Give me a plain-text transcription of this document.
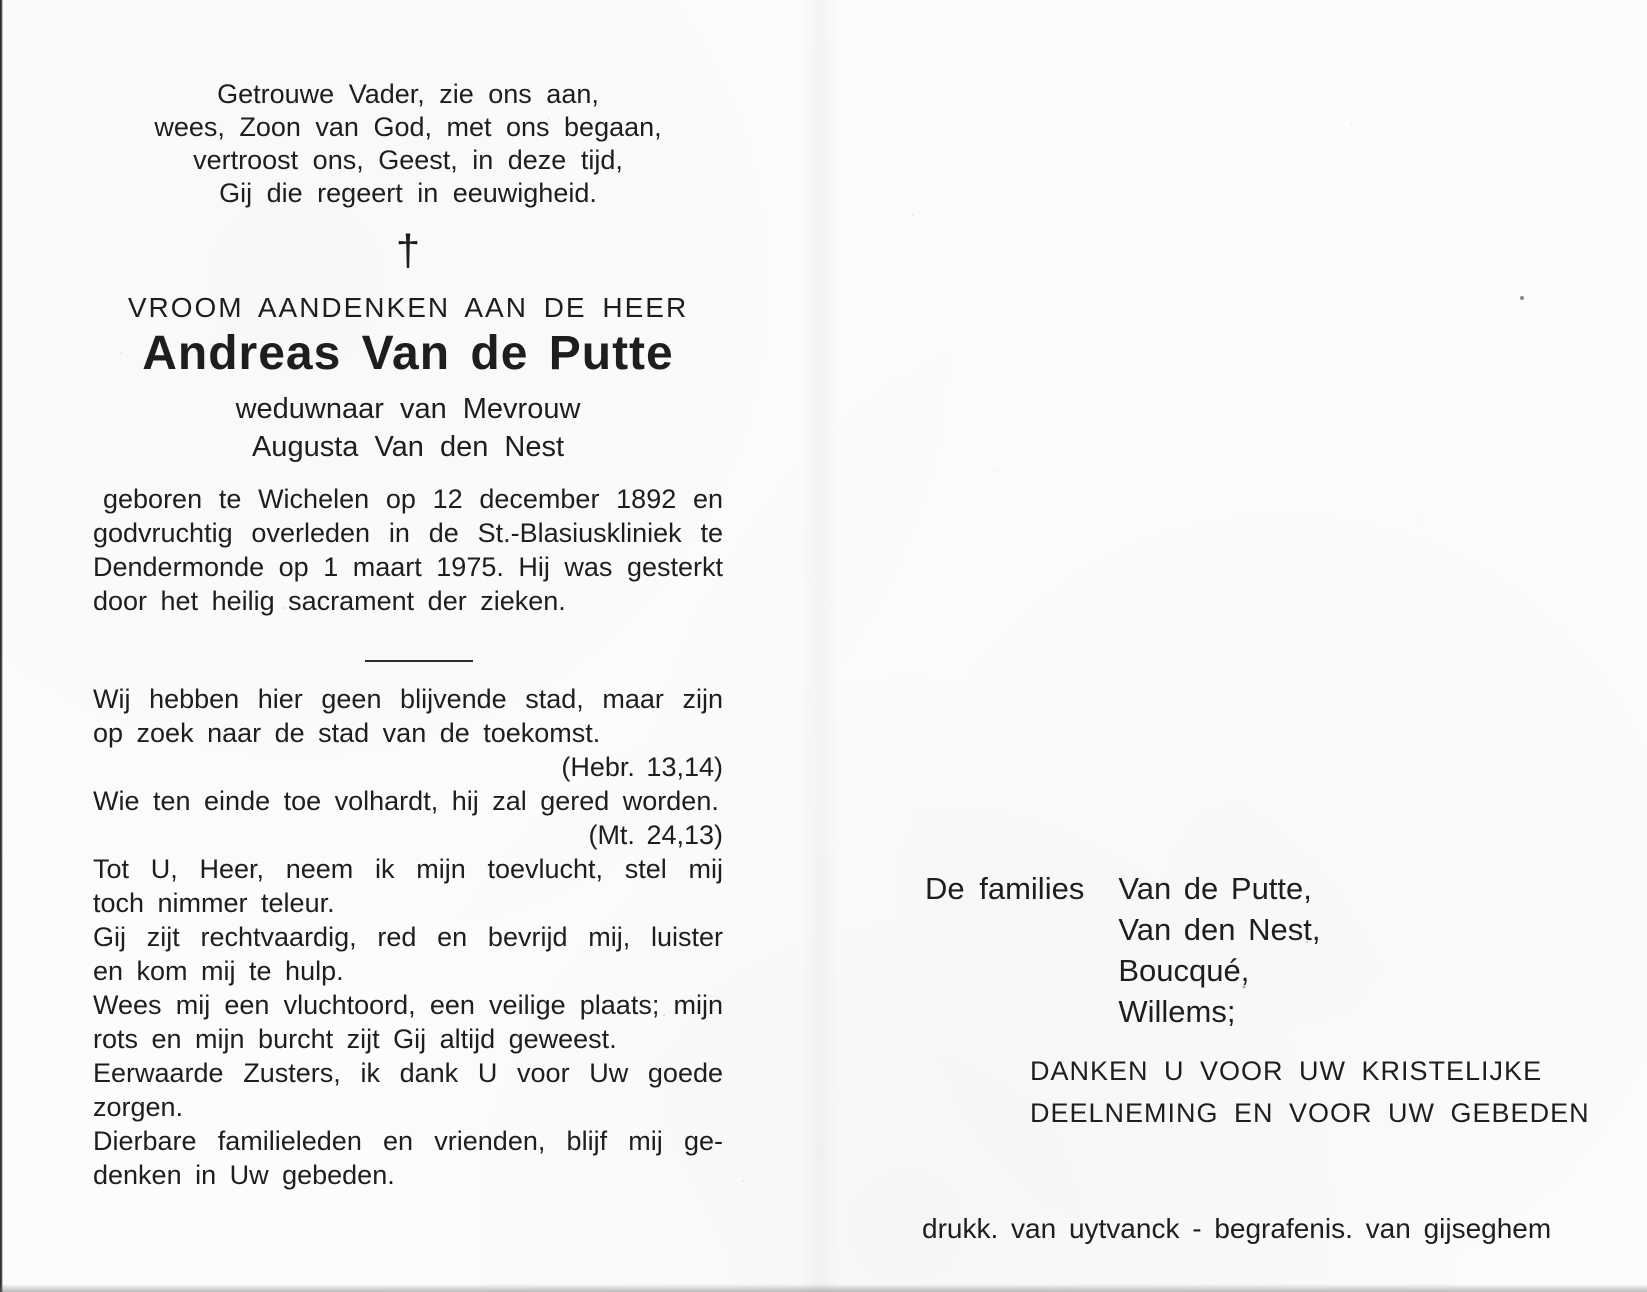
Getrouwe Vader, zie ons aan,
wees, Zoon van God, met ons begaan,
vertroost ons, Geest, in deze tijd,
Gij die regeert in eeuwigheid.
†
VROOM AANDENKEN AAN DE HEER
Andreas Van de Putte
weduwnaar van Mevrouw
Augusta Van den Nest
geboren te Wichelen op 12 december 1892 en
godvruchtig overleden in de St.-Blasiuskliniek te
Dendermonde op 1 maart 1975. Hij was gesterkt
door het heilig sacrament der zieken.
Wij hebben hier geen blijvende stad, maar zijn
op zoek naar de stad van de toekomst.
(Hebr. 13,14)
Wie ten einde toe volhardt, hij zal gered worden.
(Mt. 24,13)
Tot U, Heer, neem ik mijn toevlucht, stel mij
toch nimmer teleur.
Gij zijt rechtvaardig, red en bevrijd mij, luister
en kom mij te hulp.
Wees mij een vluchtoord, een veilige plaats; mijn
rots en mijn burcht zijt Gij altijd geweest.
Eerwaarde Zusters, ik dank U voor Uw goede
zorgen.
Dierbare familieleden en vrienden, blijf mij ge-
denken in Uw gebeden.
De families Van de Putte,
Van den Nest,
Boucqué,
Willems;
DANKEN U VOOR UW KRISTELIJKE
DEELNEMING EN VOOR UW GEBEDEN
drukk. van uytvanck - begrafenis. van gijseghem
